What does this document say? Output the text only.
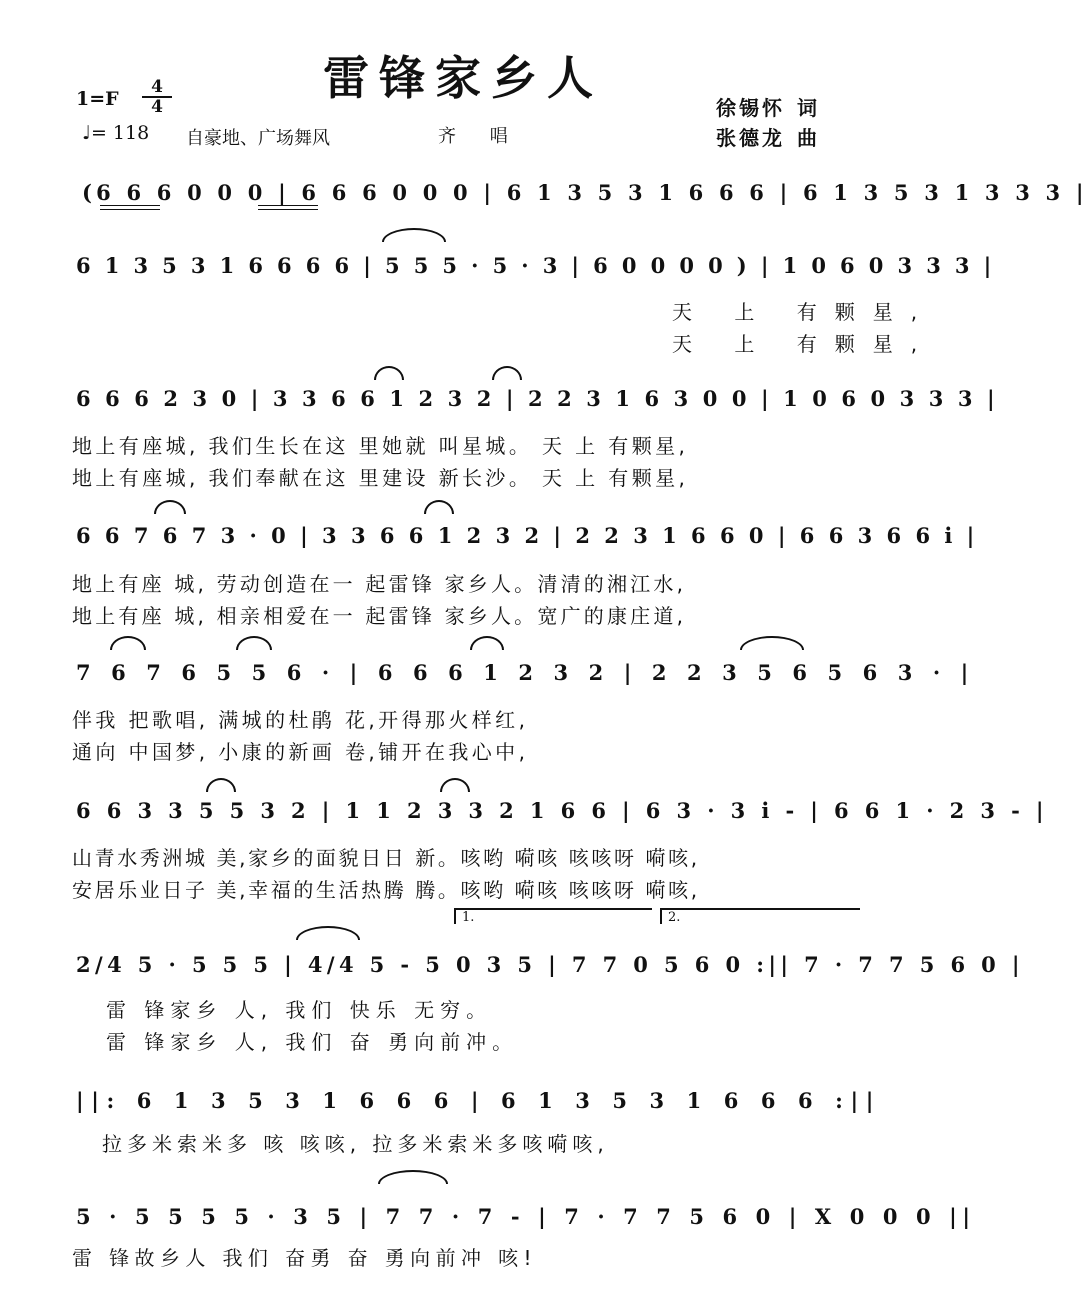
雷锋家乡人
1=F
4
4
♩= 118 自豪地、广场舞风	齐 唱
徐锡怀 词
张德龙 曲
(6 6 6 0 0 0 | 6 6 6 0 0 0 | 6 1 3 5 3 1 6 6 6 | 6 1 3 5 3 1 3 3 3 |
6 1 3 5 3 1 6 6 6 6 | 5 5 5 · 5 · 3 | 6 0 0 0 0 ) | 1 0 6 0 3 3 3 |
天 上 有颗星,
天 上 有颗星,
6 6 6 2 3 0 | 3 3 6 6 1 2 3 2 | 2 2 3 1 6 3 0 0 | 1 0 6 0 3 3 3 |
地上有座城, 我们生长在这 里她就 叫星城。 天 上 有颗星,
地上有座城, 我们奉献在这 里建设 新长沙。 天 上 有颗星,
6 6 7 6 7 3 · 0 | 3 3 6 6 1 2 3 2 | 2 2 3 1 6 6 0 | 6 6 3 6 6 i |
地上有座 城, 劳动创造在一 起雷锋 家乡人。清清的湘江水,
地上有座 城, 相亲相爱在一 起雷锋 家乡人。宽广的康庄道,
7 6 7 6 5 5 6 · | 6 6 6 1 2 3 2 | 2 2 3 5 6 5 6 3 · |
伴我 把歌唱, 满城的杜鹃 花,开得那火样红,
通向 中国梦, 小康的新画 卷,铺开在我心中,
6 6 3 3 5 5 3 2 | 1 1 2 3 3 2 1 6 6 | 6 3 · 3 i - | 6 6 1 · 2 3 - |
山青水秀洲城 美,家乡的面貌日日 新。咳哟 嗬咳 咳咳呀 嗬咳,
安居乐业日子 美,幸福的生活热腾 腾。咳哟 嗬咳 咳咳呀 嗬咳,
1.	2.
2/4 5 · 5 5 5 | 4/4 5 - 5 0 3 5 | 7 7 0 5 6 0 :|| 7 · 7 7 5 6 0 |
雷 锋家乡 人, 我们 快乐 无穷。
雷 锋家乡 人, 我们 奋 勇向前冲。
||: 6 1 3 5 3 1 6 6 6 | 6 1 3 5 3 1 6 6 6 :||
拉多米索米多 咳 咳咳, 拉多米索米多咳嗬咳,
5 · 5 5 5 5 · 3 5 | 7 7 · 7 - | 7 · 7 7 5 6 0 | X 0 0 0 ||
雷 锋故乡人 我们 奋勇 奋 勇向前冲 咳!
